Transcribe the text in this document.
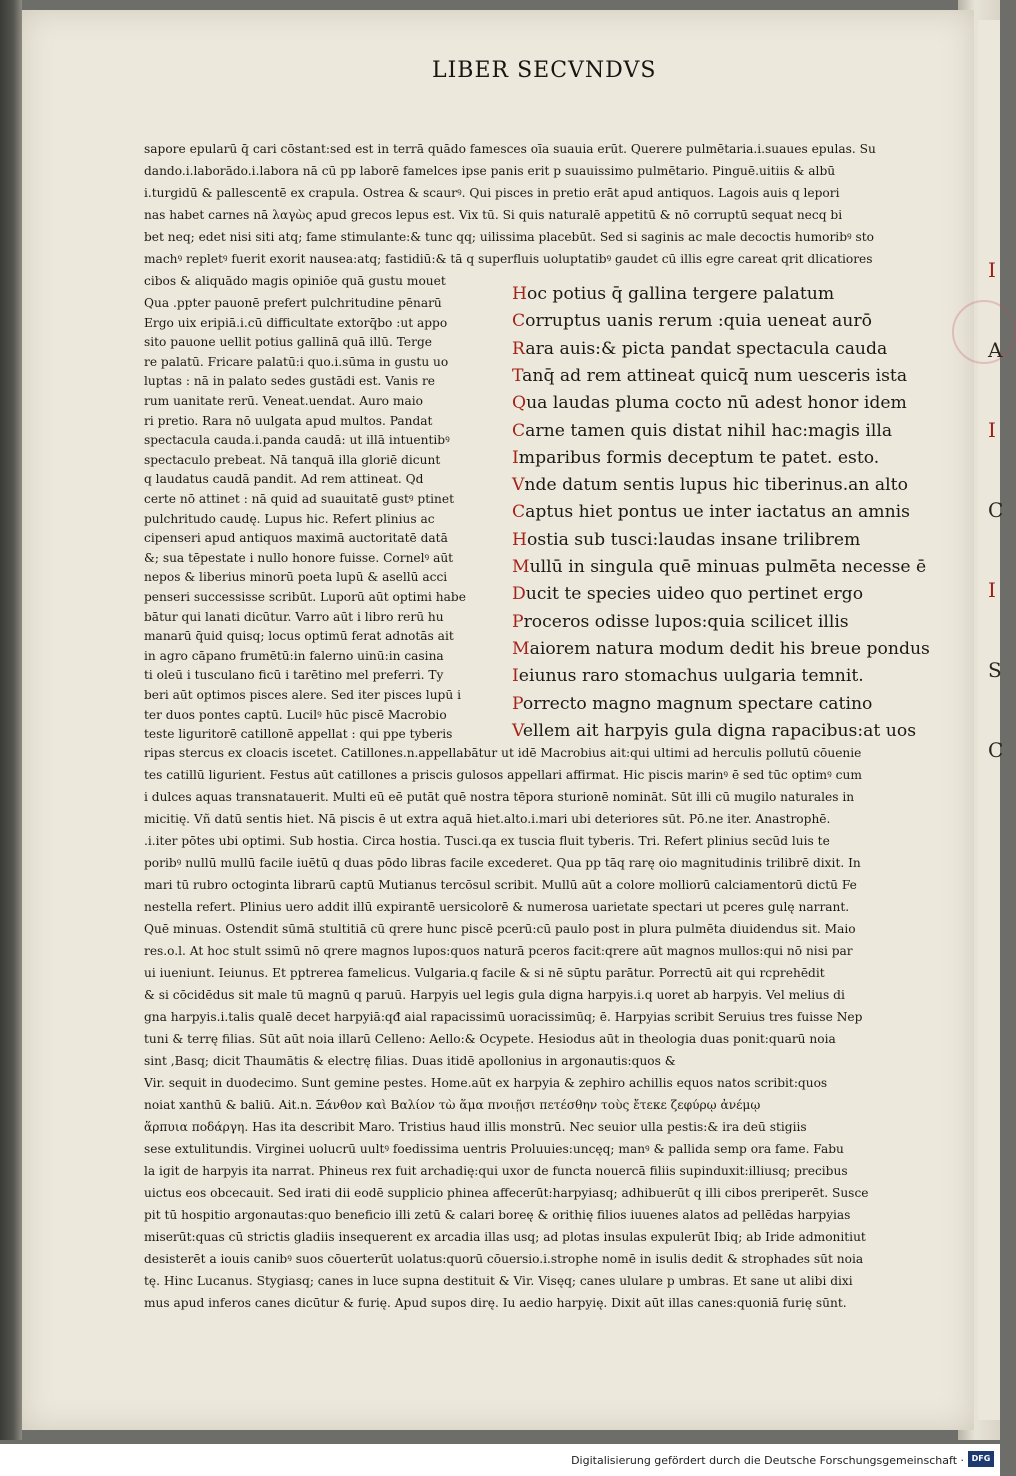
LIBER SECVNDVS
sapore epularū q̄ cari cōstant:sed est in terrā quādo famesces oīa suauia erūt. Querere pulmētaria.i.suaues epulas. Su
dando.i.laborādo.i.labora nā cū pp laborē famelces ipse panis erit p suauissimo pulmētario. Pinguē.uitiis & albū
i.turgidū & pallescentē ex crapula. Ostrea & scaurꝰ. Qui pisces in pretio erāt apud antiquos. Lagois auis q lepori
nas habet carnes nā λαγὼς apud grecos lepus est. Vix tū. Si quis naturalē appetitū & nō corruptū sequat necq bi
bet neq; edet nisi siti atq; fame stimulante:& tunc qq; uilissima placebūt. Sed si saginis ac male decoctis humoribꝰ sto
machꝰ repletꝰ fuerit exorit nausea:atq; fastidiū:& tā q superfluis uoluptatibꝰ gaudet cū illis egre careat qrit dlicatiores
cibos & aliquādo magis opiniōe quā gustu mouet
Qua .ppter pauonē prefert pulchritudine pēnarū
Ergo uix eripiā.i.cū difficultate extorq̄bo :ut appo
sito pauone uellit potius gallinā quā illū. Terge
re palatū. Fricare palatū:i quo.i.sūma in gustu uo
luptas : nā in palato sedes gustādi est. Vanis re
rum uanitate rerū. Veneat.uendat. Auro maio
ri pretio. Rara nō uulgata apud multos. Pandat
spectacula cauda.i.panda caudā: ut illā intuentibꝰ
spectaculo prebeat. Nā tanquā illa gloriē dicunt
q laudatus caudā pandit. Ad rem attineat. Qd
certe nō attinet : nā quid ad suauitatē gustꝰ ptinet
pulchritudo caudę. Lupus hic. Refert plinius ac
cipenseri apud antiquos maximā auctoritatē datā
&; sua tēpestate i nullo honore fuisse. Cornelꝰ aūt
nepos & liberius minorū poeta lupū & asellū acci
penseri successisse scribūt. Luporū aūt optimi habe
bātur qui lanati dicūtur. Varro aūt i libro rerū hu
manarū q̄uid quisq; locus optimū ferat adnotās ait
in agro cāpano frumētū:in falerno uinū:in casina
ti oleū i tusculano ficū i tarētino mel preferri. Ty
beri aūt optimos pisces alere. Sed iter pisces lupū i
ter duos pontes captū. Lucilꝰ hūc piscē Macrobio
teste liguritorē catillonē appellat : qui ppe tyberis
Hoc potius q̄ gallina tergere palatum
Corruptus uanis rerum :quia ueneat aurō
Rara auis:& picta pandat spectacula cauda
Tanq̄ ad rem attineat quicq̄ num uesceris ista
Qua laudas pluma cocto nū adest honor idem
Carne tamen quis distat nihil hac:magis illa
Imparibus formis deceptum te patet. esto.
Vnde datum sentis lupus hic tiberinus.an alto
Captus hiet pontus ue inter iactatus an amnis
Hostia sub tusci:laudas insane trilibrem
Mullū in singula quē minuas pulmēta necesse ē
Ducit te species uideo quo pertinet ergo
Proceros odisse lupos:quia scilicet illis
Maiorem natura modum dedit his breue pondus
Ieiunus raro stomachus uulgaria temnit.
Porrecto magno magnum spectare catino
Vellem ait harpyis gula digna rapacibus:at uos
ripas stercus ex cloacis iscetet. Catillones.n.appellabātur ut idē Macrobius ait:qui ultimi ad herculis pollutū cōuenie
tes catillū ligurient. Festus aūt catillones a priscis gulosos appellari affirmat. Hic piscis marinꝰ ē sed tūc optimꝰ cum
i dulces aquas transnatauerit. Multi eū eē putāt quē nostra tēpora sturionē nomināt. Sūt illi cū mugilo naturales in
micitię. Vñ datū sentis hiet. Nā piscis ē ut extra aquā hiet.alto.i.mari ubi deteriores sūt. Pō.ne iter. Anastrophē.
.i.iter pōtes ubi optimi. Sub hostia. Circa hostia. Tusci.qa ex tuscia fluit tyberis. Tri. Refert plinius secūd luis te
poribꝰ nullū mullū facile iuētū q duas pōdo libras facile excederet. Qua pp tāq rarę oio magnitudinis trilibrē dixit. In
mari tū rubro octoginta librarū captū Mutianus tercōsul scribit. Mullū aūt a colore molliorū calciamentorū dictū Fe
nestella refert. Plinius uero addit illū expirantē uersicolorē & numerosa uarietate spectari ut pceres gulę narrant.
Quē minuas. Ostendit sūmā stultitiā cū qrere hunc piscē pcerū:cū paulo post in plura pulmēta diuidendus sit. Maio
res.o.l. At hoc stult ssimū nō qrere magnos lupos:quos naturā pceros facit:qrere aūt magnos mullos:qui nō nisi par
ui iueniunt. Ieiunus. Et pptrerea famelicus. Vulgaria.q facile & si nē sūptu parātur. Porrectū ait qui rcprehēdit
& si cōcidēdus sit male tū magnū q paruū. Harpyis uel legis gula digna harpyis.i.q uoret ab harpyis. Vel melius di
gna harpyis.i.talis qualē decet harpyiā:qđ aial rapacissimū uoracissimūq; ē. Harpyias scribit Seruius tres fuisse Nep
tuni & terrę filias. Sūt aūt noia illarū Celleno: Aello:& Ocypete. Hesiodus aūt in theologia duas ponit:quarū noia
sint ,Basq; dicit Thaumātis & electrę filias. Duas itidē apollonius in argonautis:quos &
Vir. sequit in duodecimo. Sunt gemine pestes. Home.aūt ex harpyia & zephiro achillis equos natos scribit:quos
noiat xanthū & baliū. Ait.n. Ξάνθον καὶ Βαλίον τὼ ἅμα πνοιῇσι πετέσθην τοὺς ἔτεκε ζεφύρῳ ἀνέμῳ
ἅρπυια ποδάργη. Has ita describit Maro. Tristius haud illis monstrū. Nec seuior ulla pestis:& ira deū stigiis
sese extulitundis. Virginei uolucrū uultꝰ foedissima uentris Proluuies:uncęq; manꝰ & pallida semp ora fame. Fabu
la igit de harpyis ita narrat. Phineus rex fuit archadię:qui uxor de functa nouercā filiis supinduxit:illiusq; precibus
uictus eos obcecauit. Sed irati dii eodē supplicio phinea affecerūt:harpyiasq; adhibuerūt q illi cibos preriperēt. Susce
pit tū hospitio argonautas:quo beneficio illi zetū & calari boreę & orithię filios iuuenes alatos ad pellēdas harpyias
miserūt:quas cū strictis gladiis insequerent ex arcadia illas usq; ad plotas insulas expulerūt Ibiq; ab Iride admonitiut
desisterēt a iouis canibꝰ suos cōuerterūt uolatus:quorū cōuersio.i.strophe nomē in isulis dedit & strophades sūt noia
tę. Hinc Lucanus. Stygiasq; canes in luce supna destituit & Vir. Visęq; canes ululare p umbras. Et sane ut alibi dixi
mus apud inferos canes dicūtur & furię. Apud supos dirę. Iu aedio harpyię. Dixit aūt illas canes:quoniā furię sūnt.
I
A
I
C
I
S
C
Digitalisierung gefördert durch die Deutsche Forschungsgemeinschaft · DFG
